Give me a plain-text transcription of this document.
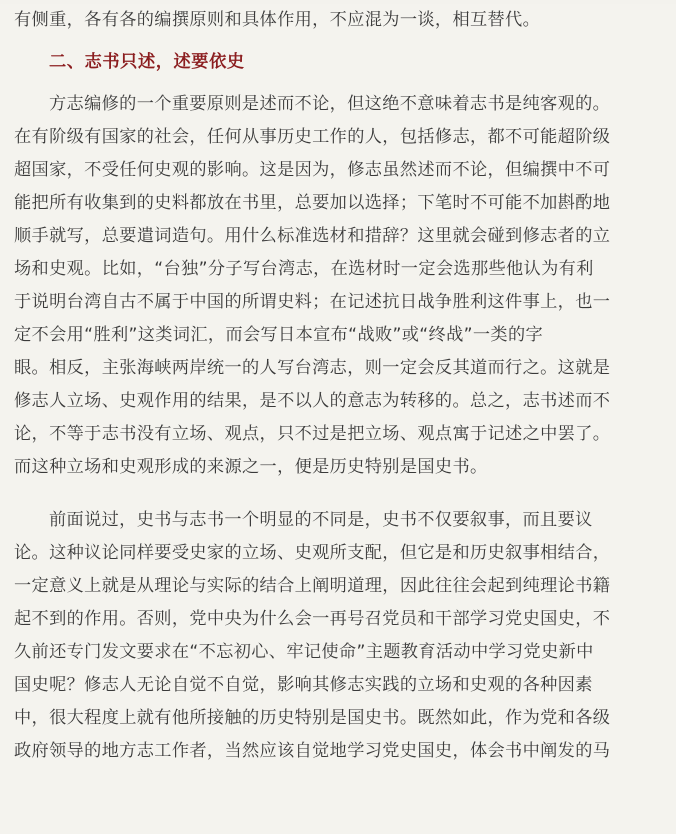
有侧重，各有各的编撰原则和具体作用，不应混为一谈，相互替代。
二、志书只述，述要依史
方志编修的一个重要原则是述而不论，但这绝不意味着志书是纯客观的。
在有阶级有国家的社会，任何从事历史工作的人，包括修志，都不可能超阶级
超国家，不受任何史观的影响。这是因为，修志虽然述而不论，但编撰中不可
能把所有收集到的史料都放在书里，总要加以选择；下笔时不可能不加斟酌地
顺手就写，总要遣词造句。用什么标准选材和措辞？这里就会碰到修志者的立
场和史观。比如，“台独”分子写台湾志，在选材时一定会选那些他认为有利
于说明台湾自古不属于中国的所谓史料；在记述抗日战争胜利这件事上，也一
定不会用“胜利”这类词汇，而会写日本宣布“战败”或“终战”一类的字
眼。相反，主张海峡两岸统一的人写台湾志，则一定会反其道而行之。这就是
修志人立场、史观作用的结果，是不以人的意志为转移的。总之，志书述而不
论，不等于志书没有立场、观点，只不过是把立场、观点寓于记述之中罢了。
而这种立场和史观形成的来源之一，便是历史特别是国史书。
前面说过，史书与志书一个明显的不同是，史书不仅要叙事，而且要议
论。这种议论同样要受史家的立场、史观所支配，但它是和历史叙事相结合，
一定意义上就是从理论与实际的结合上阐明道理，因此往往会起到纯理论书籍
起不到的作用。否则，党中央为什么会一再号召党员和干部学习党史国史，不
久前还专门发文要求在“不忘初心、牢记使命”主题教育活动中学习党史新中
国史呢？修志人无论自觉不自觉，影响其修志实践的立场和史观的各种因素
中，很大程度上就有他所接触的历史特别是国史书。既然如此，作为党和各级
政府领导的地方志工作者，当然应该自觉地学习党史国史，体会书中阐发的马
